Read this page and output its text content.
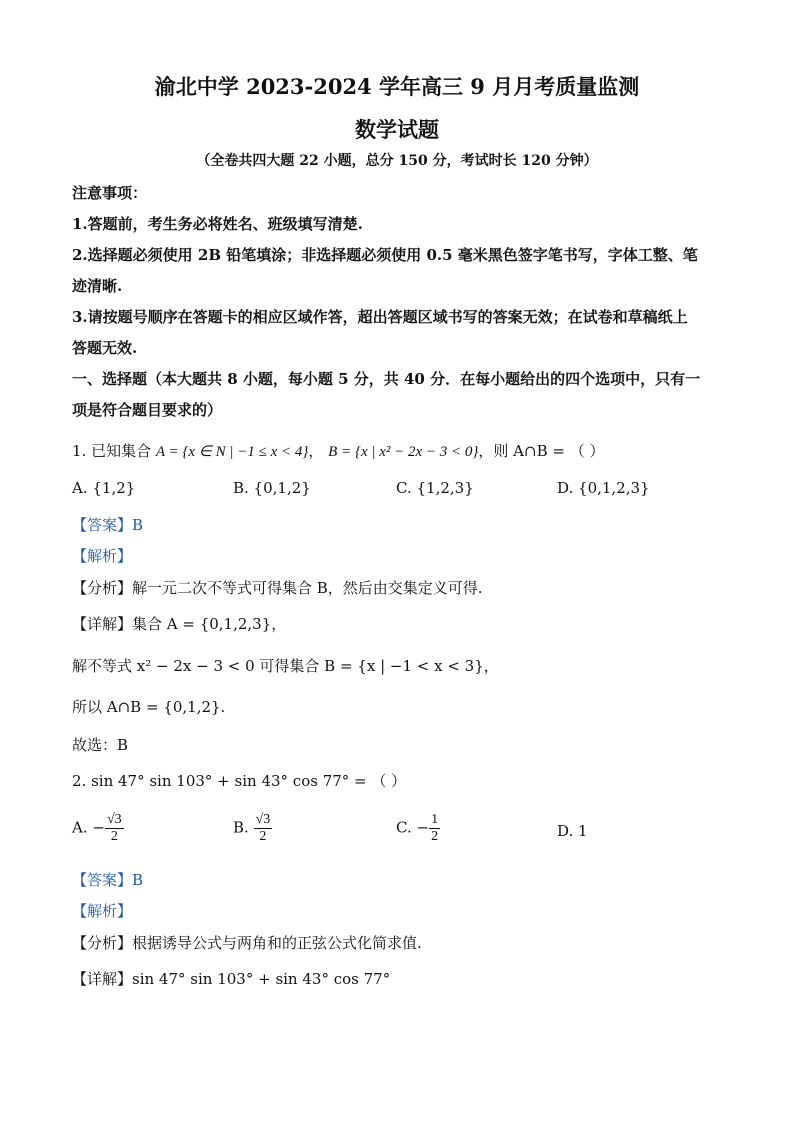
渝北中学 2023-2024 学年高三 9 月月考质量监测
数学试题
（全卷共四大题 22 小题，总分 150 分，考试时长 120 分钟）
注意事项：
1.答题前，考生务必将姓名、班级填写清楚.
2.选择题必须使用 2B 铅笔填涂；非选择题必须使用 0.5 毫米黑色签字笔书写，字体工整、笔
迹清晰.
3.请按题号顺序在答题卡的相应区域作答，超出答题区域书写的答案无效；在试卷和草稿纸上
答题无效.
一、选择题（本大题共 8 小题，每小题 5 分，共 40 分．在每小题给出的四个选项中，只有一
项是符合题目要求的）
1. 已知集合 A = {x ∈ N | −1 ≤ x < 4}， B = {x | x² − 2x − 3 < 0}，则 A∩B = （ ）
A. {1,2}	B. {0,1,2}	C. {1,2,3}	D. {0,1,2,3}
【答案】B
【解析】
【分析】解一元二次不等式可得集合 B，然后由交集定义可得.
【详解】集合 A = {0,1,2,3}，
解不等式 x² − 2x − 3 < 0 可得集合 B = {x | −1 < x < 3}，
所以 A∩B = {0,1,2}.
故选：B
2. sin 47° sin 103° + sin 43° cos 77° = （ ）
A. − $\frac{√3}{2}$	B. $\frac{√3}{2}$	C. − $\frac{1}{2}$	D. 1
【答案】B
【解析】
【分析】根据诱导公式与两角和的正弦公式化简求值.
【详解】sin 47° sin 103° + sin 43° cos 77°
